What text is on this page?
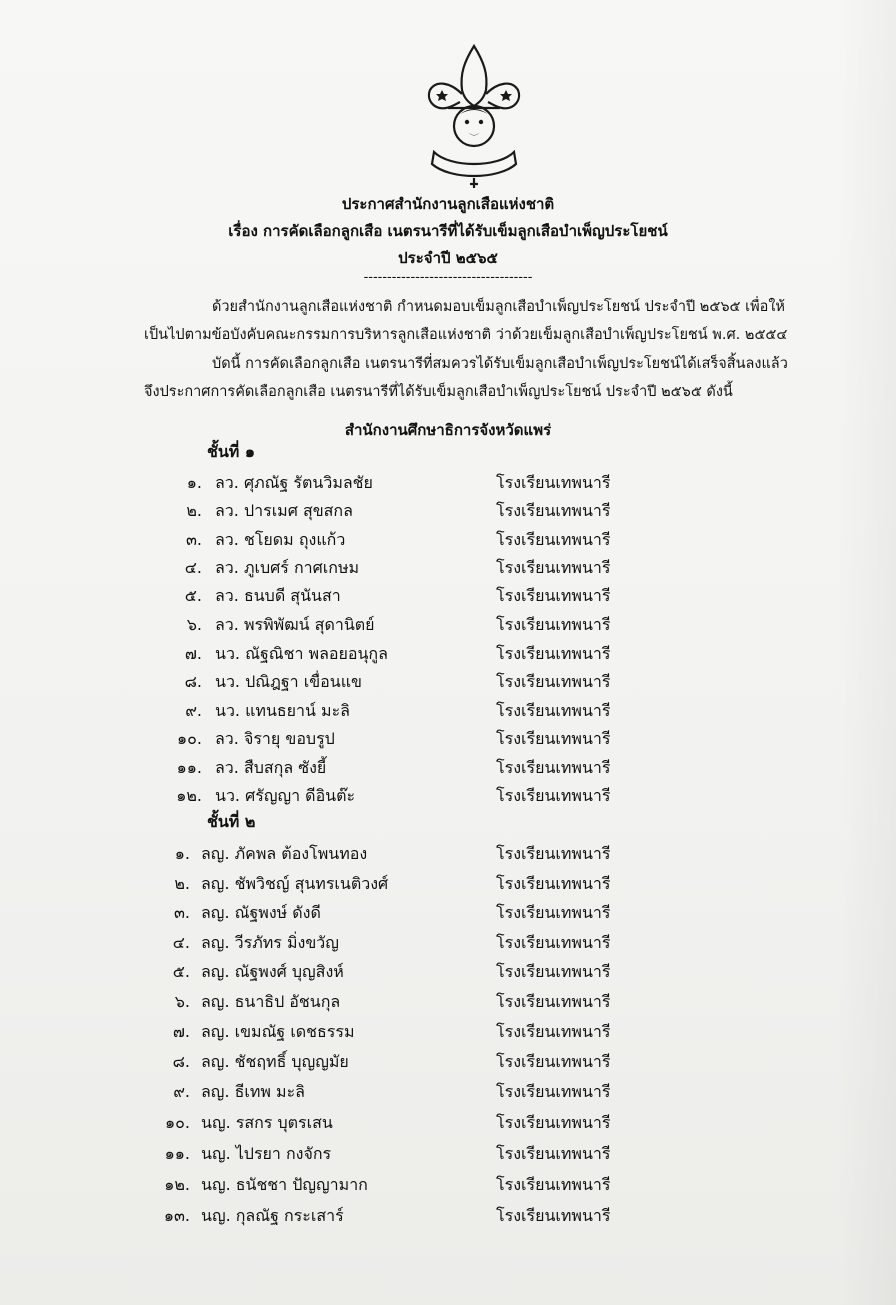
ประกาศสำนักงานลูกเสือแห่งชาติ
เรื่อง การคัดเลือกลูกเสือ เนตรนารีที่ได้รับเข็มลูกเสือบำเพ็ญประโยชน์
ประจำปี ๒๕๖๕
------------------------------------
ด้วยสำนักงานลูกเสือแห่งชาติ กำหนดมอบเข็มลูกเสือบำเพ็ญประโยชน์ ประจำปี ๒๕๖๕ เพื่อให้
เป็นไปตามข้อบังคับคณะกรรมการบริหารลูกเสือแห่งชาติ ว่าด้วยเข็มลูกเสือบำเพ็ญประโยชน์ พ.ศ. ๒๕๕๔
บัดนี้ การคัดเลือกลูกเสือ เนตรนารีที่สมควรได้รับเข็มลูกเสือบำเพ็ญประโยชน์ได้เสร็จสิ้นลงแล้ว
จึงประกาศการคัดเลือกลูกเสือ เนตรนารีที่ได้รับเข็มลูกเสือบำเพ็ญประโยชน์ ประจำปี ๒๕๖๕ ดังนี้
สำนักงานศึกษาธิการจังหวัดแพร่
ชั้นที่ ๑
๑. ลว. ศุภณัฐ รัตนวิมลชัย	โรงเรียนเทพนารี
๒. ลว. ปารเมศ สุขสกล	โรงเรียนเทพนารี
๓. ลว. ชโยดม ถุงแก้ว	โรงเรียนเทพนารี
๔. ลว. ภูเบศร์ กาศเกษม	โรงเรียนเทพนารี
๕. ลว. ธนบดี สุนันสา	โรงเรียนเทพนารี
๖. ลว. พรพิพัฒน์ สุดานิตย์	โรงเรียนเทพนารี
๗. นว. ณัฐณิชา พลอยอนุกูล	โรงเรียนเทพนารี
๘. นว. ปณิฎฐา เขื่อนแข	โรงเรียนเทพนารี
๙. นว. แทนธยาน์ มะลิ	โรงเรียนเทพนารี
๑๐. ลว. จิรายุ ขอบรูป	โรงเรียนเทพนารี
๑๑. ลว. สืบสกุล ซังยี้	โรงเรียนเทพนารี
๑๒. นว. ศรัญญา ดีอินต๊ะ	โรงเรียนเทพนารี
ชั้นที่ ๒
๑. ลญ. ภัคพล ต้องโพนทอง	โรงเรียนเทพนารี
๒. ลญ. ชัพวิชญ์ สุนทรเนติวงศ์	โรงเรียนเทพนารี
๓. ลญ. ณัฐพงษ์ ดังดี	โรงเรียนเทพนารี
๔. ลญ. วีรภัทร มิ่งขวัญ	โรงเรียนเทพนารี
๕. ลญ. ณัฐพงศ์ บุญสิงห์	โรงเรียนเทพนารี
๖. ลญ. ธนาธิป อัชนกุล	โรงเรียนเทพนารี
๗. ลญ. เขมณัฐ เดชธรรม	โรงเรียนเทพนารี
๘. ลญ. ชัชฤทธิ์ บุญญมัย	โรงเรียนเทพนารี
๙. ลญ. ธีเทพ มะลิ	โรงเรียนเทพนารี
๑๐. นญ. รสกร บุตรเสน	โรงเรียนเทพนารี
๑๑. นญ. ไปรยา กงจักร	โรงเรียนเทพนารี
๑๒. นญ. ธนัชชา ปัญญามาก	โรงเรียนเทพนารี
๑๓. นญ. กุลณัฐ กระเสาร์	โรงเรียนเทพนารี
